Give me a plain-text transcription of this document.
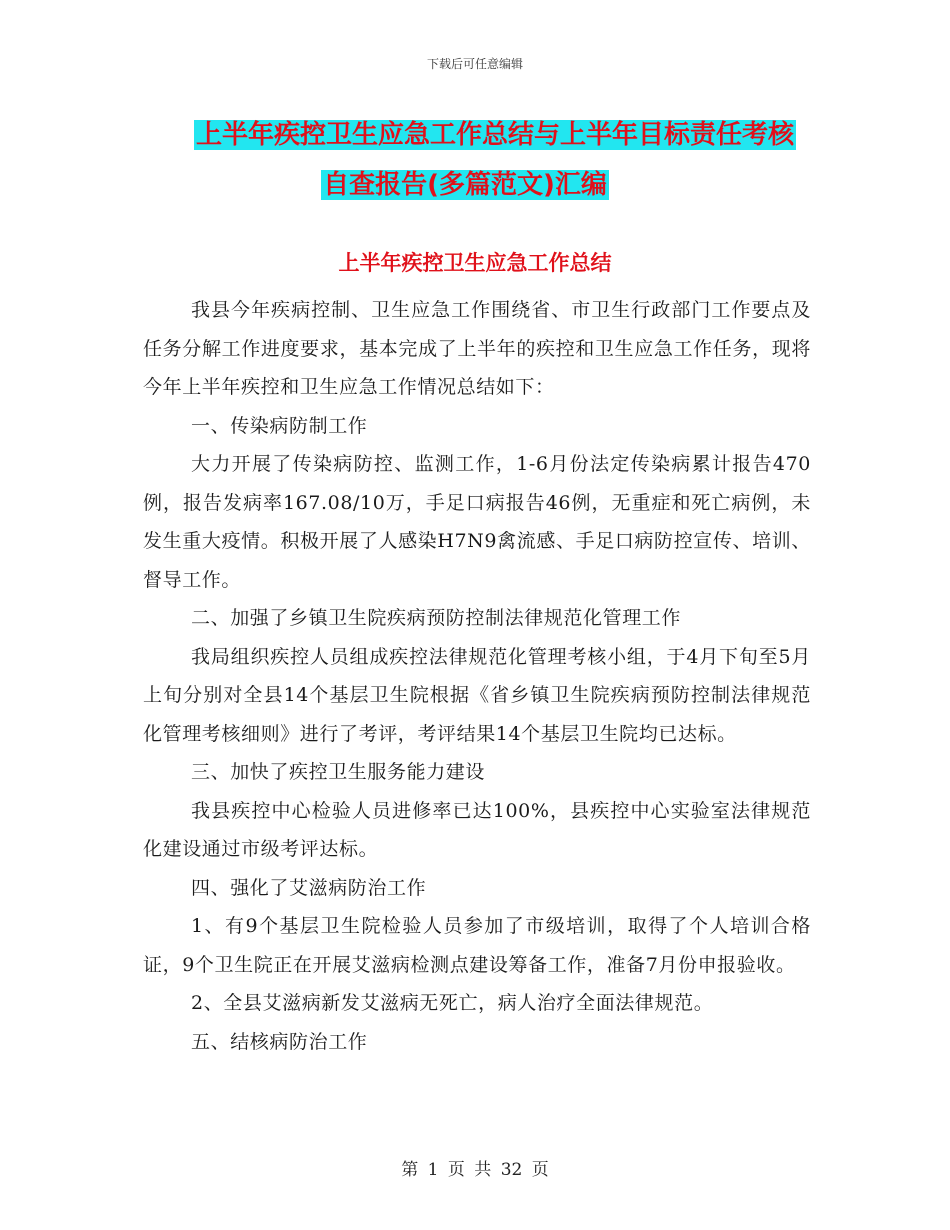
下载后可任意编辑
上半年疾控卫生应急工作总结与上半年目标责任考核
自查报告(多篇范文)汇编
上半年疾控卫生应急工作总结

我县今年疾病控制、卫生应急工作围绕省、市卫生行政部门工作要点及任务分解工作进度要求，基本完成了上半年的疾控和卫生应急工作任务，现将今年上半年疾控和卫生应急工作情况总结如下：

一、传染病防制工作

大力开展了传染病防控、监测工作，1-6月份法定传染病累计报告470例，报告发病率167.08/10万，手足口病报告46例，无重症和死亡病例，未发生重大疫情。积极开展了人感染H7N9禽流感、手足口病防控宣传、培训、督导工作。

二、加强了乡镇卫生院疾病预防控制法律规范化管理工作

我局组织疾控人员组成疾控法律规范化管理考核小组，于4月下旬至5月上旬分别对全县14个基层卫生院根据《省乡镇卫生院疾病预防控制法律规范化管理考核细则》进行了考评，考评结果14个基层卫生院均已达标。

三、加快了疾控卫生服务能力建设

我县疾控中心检验人员进修率已达100%，县疾控中心实验室法律规范化建设通过市级考评达标。

四、强化了艾滋病防治工作

1、有9个基层卫生院检验人员参加了市级培训，取得了个人培训合格证，9个卫生院正在开展艾滋病检测点建设筹备工作，准备7月份申报验收。

2、全县艾滋病新发艾滋病无死亡，病人治疗全面法律规范。

五、结核病防治工作

第 1 页 共 32 页
